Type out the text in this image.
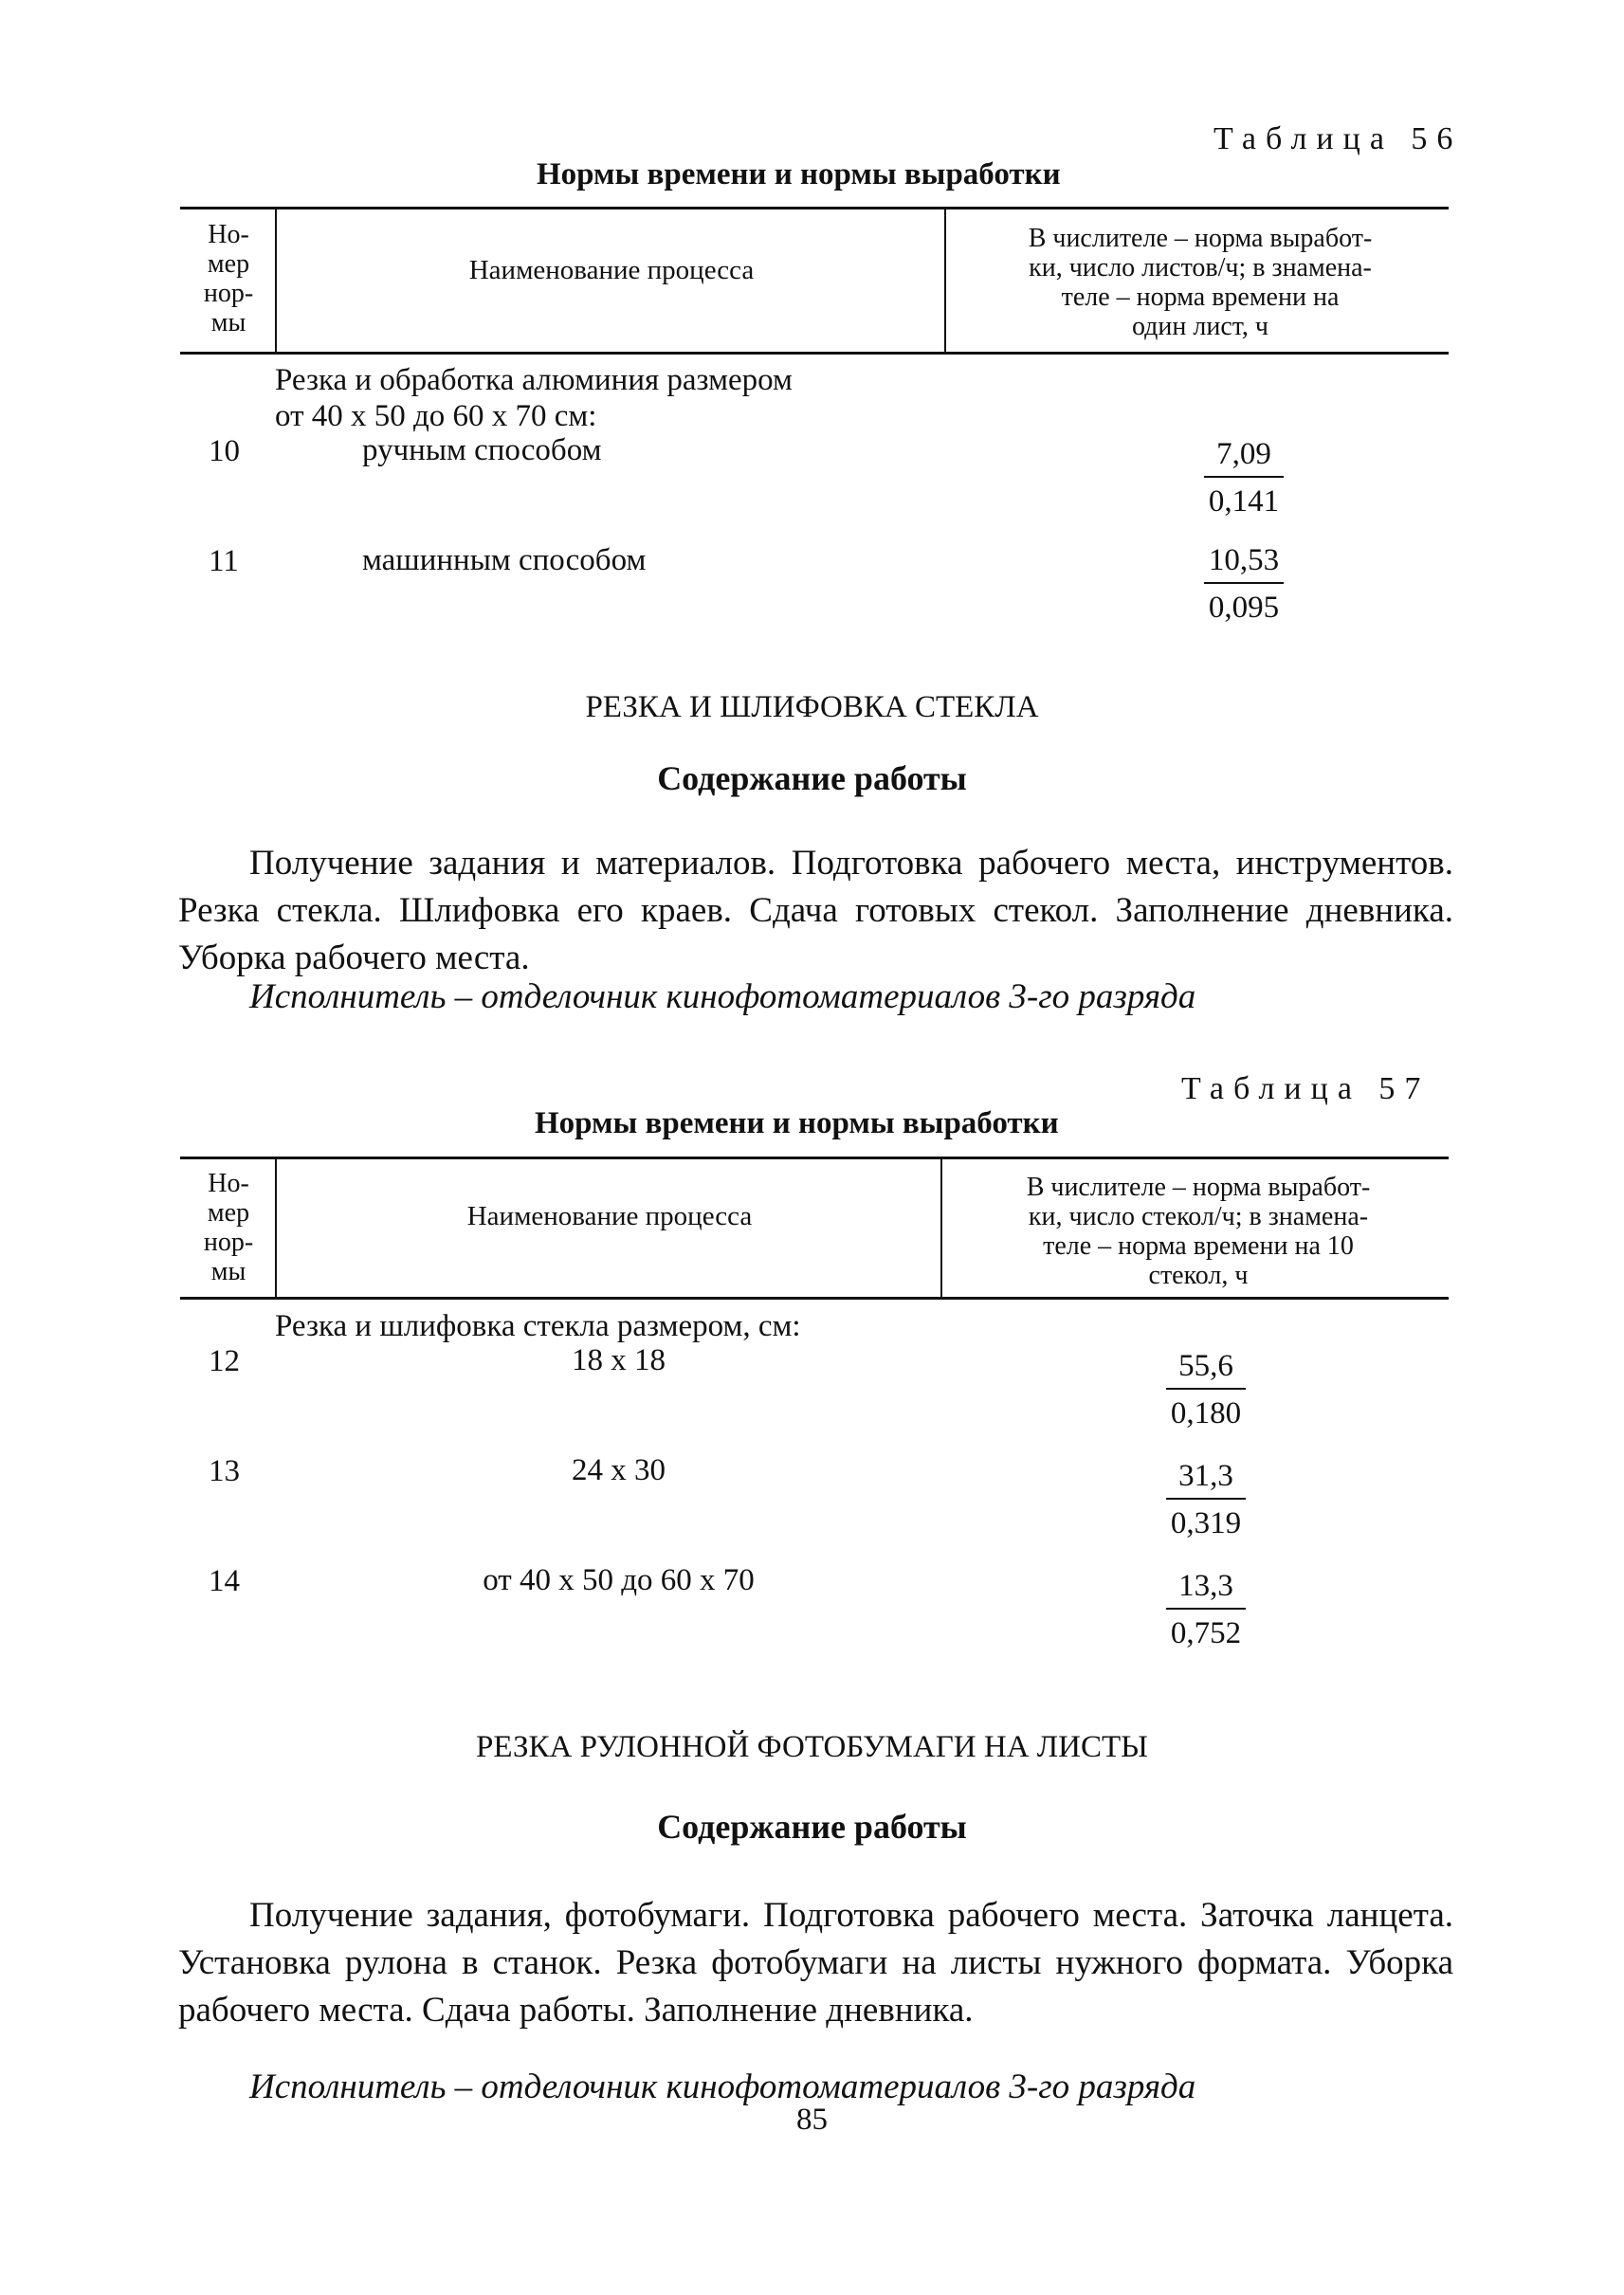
Таблица 56
Нормы времени и нормы выработки
Но-
мер
нор-
мы
Наименование процесса
В числителе – норма выработ-
ки, число листов/ч; в знамена-
теле – норма времени на
один лист, ч
Резка и обработка алюминия размером
от 40 х 50 до 60 х 70 см:
10	ручным способом	7,09
0,141
11	машинным способом	10,53
0,095
РЕЗКА И ШЛИФОВКА СТЕКЛА
Содержание работы

Получение задания и материалов. Подготовка рабочего места, инструментов. Резка стекла. Шлифовка его краев. Сдача готовых стекол. Заполнение дневника. Уборка рабочего места.

Исполнитель – отделочник кинофотоматериалов 3-го разряда
Таблица 57
Нормы времени и нормы выработки
Но-
мер
нор-
мы
Наименование процесса
В числителе – норма выработ-
ки, число стекол/ч; в знамена-
теле – норма времени на 10
стекол, ч
Резка и шлифовка стекла размером, см:
12	18 х 18	55,6
0,180
13	24 х 30	31,3
0,319
14	от 40 х 50 до 60 х 70	13,3
0,752
РЕЗКА РУЛОННОЙ ФОТОБУМАГИ НА ЛИСТЫ
Содержание работы

Получение задания, фотобумаги. Подготовка рабочего места. Заточка ланцета. Установка рулона в станок. Резка фотобумаги на листы нужного формата. Уборка рабочего места. Сдача работы. Заполнение дневника.

Исполнитель – отделочник кинофотоматериалов 3-го разряда
85
